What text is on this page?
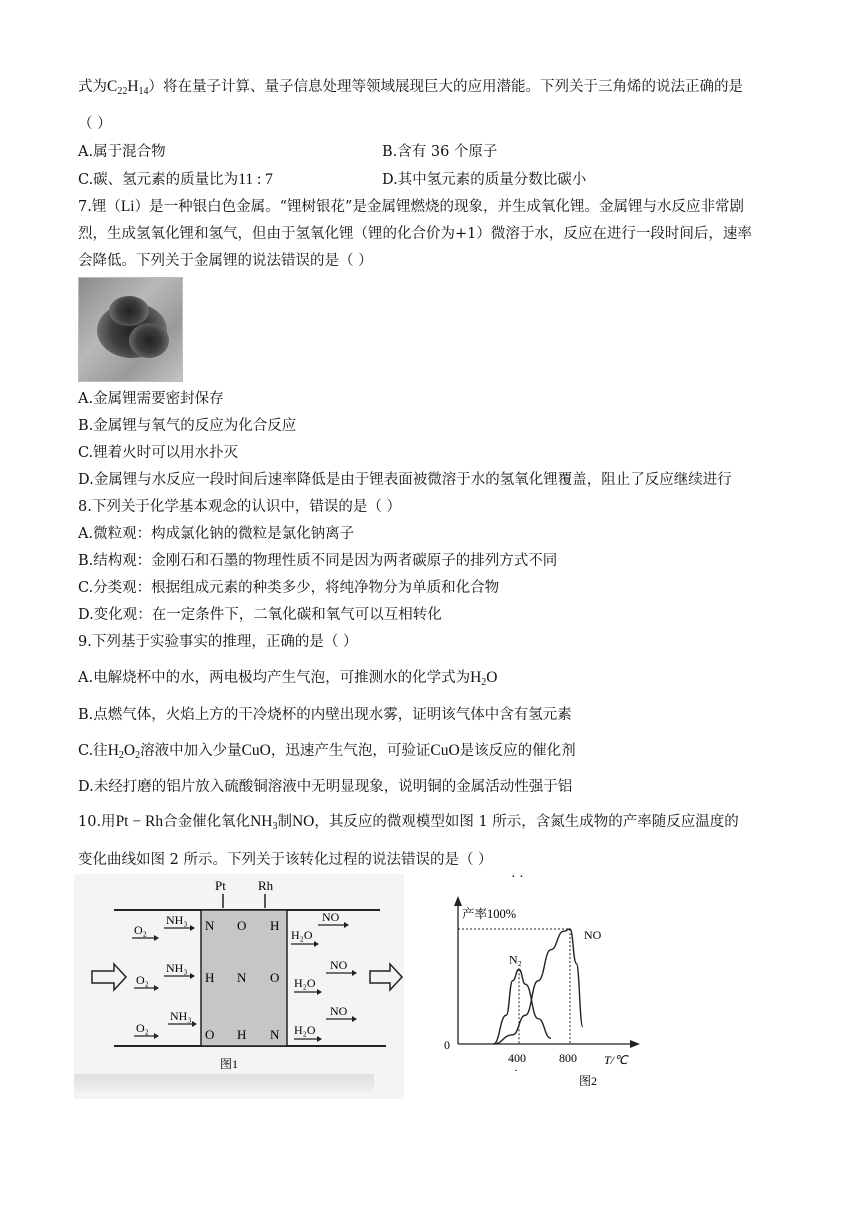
式为$C_{22}H_{14}$）将在量子计算、量子信息处理等领域展现巨大的应用潜能。下列关于三角烯的说法正确的是
（ ）
A.属于混合物	B.含有 36 个原子
C.碳、氢元素的质量比为11 : 7	D.其中氢元素的质量分数比碳小
7.锂（Li）是一种银白色金属。“锂树银花”是金属锂燃烧的现象，并生成氧化锂。金属锂与水反应非常剧
烈，生成氢氧化锂和氢气，但由于氢氧化锂（锂的化合价为+1）微溶于水，反应在进行一段时间后，速率
会降低。下列关于金属锂的说法错误的是（ ）
A.金属锂需要密封保存
B.金属锂与氧气的反应为化合反应
C.锂着火时可以用水扑灭
D.金属锂与水反应一段时间后速率降低是由于锂表面被微溶于水的氢氧化锂覆盖，阻止了反应继续进行
8.下列关于化学基本观念的认识中，错误的是（ ）
A.微粒观：构成氯化钠的微粒是氯化钠离子
B.结构观：金刚石和石墨的物理性质不同是因为两者碳原子的排列方式不同
C.分类观：根据组成元素的种类多少，将纯净物分为单质和化合物
D.变化观：在一定条件下，二氧化碳和氧气可以互相转化
9.下列基于实验事实的推理，正确的是（ ）
A.电解烧杯中的水，两电极均产生气泡，可推测水的化学式为$H_2O$
B.点燃气体，火焰上方的干冷烧杯的内壁出现水雾，证明该气体中含有氢元素
C.往$H_2O_2$溶液中加入少量CuO，迅速产生气泡，可验证CuO是该反应的催化剂
D.未经打磨的铝片放入硫酸铜溶液中无明显现象，说明铜的金属活动性强于铝
10.用Pt − Rh合金催化氧化$NH_3$制NO，其反应的微观模型如图 1 所示，含氮生成物的产率随反应温度的
变化曲线如图 2 所示。下列关于该转化过程的说法错误的是（ ）
Pt Rh
O₂
NH₃
O₂
NH₃
O₂
NH₃
N O H
H N O
O H N
NO
H₂O
NO
H₂O
NO
H₂O
图1
产率100%
0
T/℃
400	800
·
N₂
NO
图2
· ·
